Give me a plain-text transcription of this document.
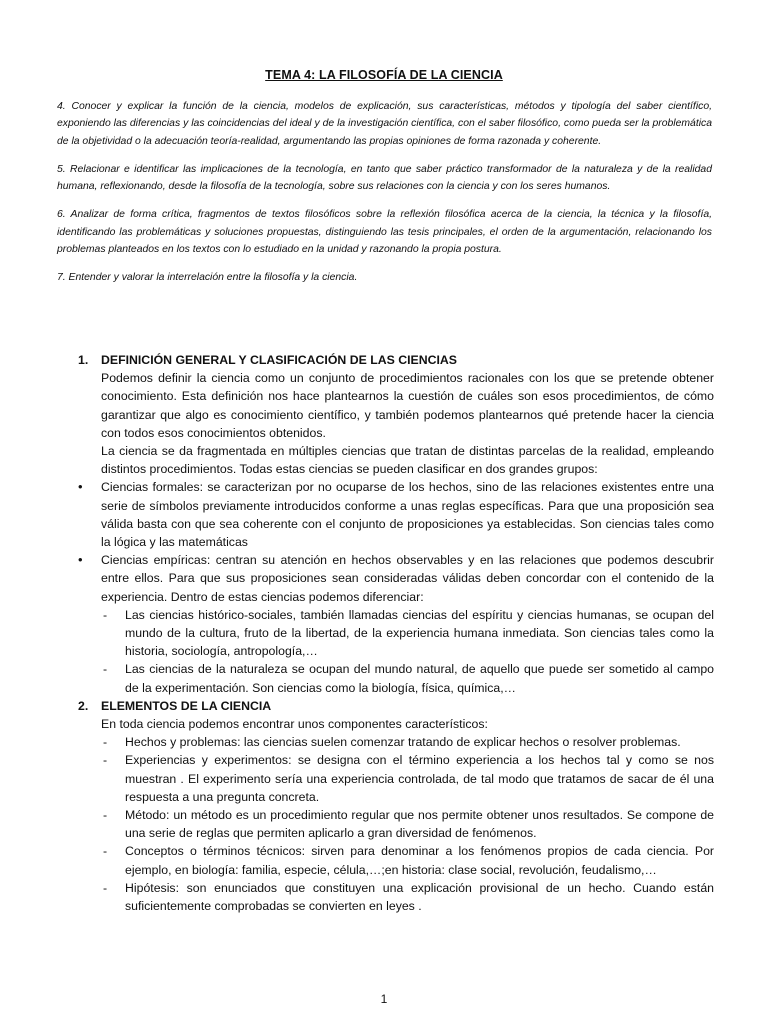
TEMA 4: LA FILOSOFÍA DE LA CIENCIA

4. Conocer y explicar la función de la ciencia, modelos de explicación, sus características, métodos y tipología del saber científico, exponiendo las diferencias y las coincidencias del ideal y de la investigación científica, con el saber filosófico, como pueda ser la problemática de la objetividad o la adecuación teoría-realidad, argumentando las propias opiniones de forma razonada y coherente.

5. Relacionar e identificar las implicaciones de la tecnología, en tanto que saber práctico transformador de la naturaleza y de la realidad humana, reflexionando, desde la filosofía de la tecnología, sobre sus relaciones con la ciencia y con los seres humanos.

6. Analizar de forma crítica, fragmentos de textos filosóficos sobre la reflexión filosófica acerca de la ciencia, la técnica y la filosofía, identificando las problemáticas y soluciones propuestas, distinguiendo las tesis principales, el orden de la argumentación, relacionando los problemas planteados en los textos con lo estudiado en la unidad y razonando la propia postura.

7. Entender y valorar la interrelación entre la filosofía y la ciencia.

1. DEFINICIÓN GENERAL Y CLASIFICACIÓN DE LAS CIENCIAS
Podemos definir la ciencia como un conjunto de procedimientos racionales con los que se pretende obtener conocimiento. Esta definición nos hace plantearnos la cuestión de cuáles son esos procedimientos, de cómo garantizar que algo es conocimiento científico, y también podemos plantearnos qué pretende hacer la ciencia con todos esos conocimientos obtenidos.
La ciencia se da fragmentada en múltiples ciencias que tratan de distintas parcelas de la realidad, empleando distintos procedimientos. Todas estas ciencias se pueden clasificar en dos grandes grupos:
• Ciencias formales: se caracterizan por no ocuparse de los hechos, sino de las relaciones existentes entre una serie de símbolos previamente introducidos conforme a unas reglas específicas. Para que una proposición sea válida basta con que sea coherente con el conjunto de proposiciones ya establecidas. Son ciencias tales como la lógica y las matemáticas
• Ciencias empíricas: centran su atención en hechos observables y en las relaciones que podemos descubrir entre ellos. Para que sus proposiciones sean consideradas válidas deben concordar con el contenido de la experiencia. Dentro de estas ciencias podemos diferenciar:
- Las ciencias histórico-sociales, también llamadas ciencias del espíritu y ciencias humanas, se ocupan del mundo de la cultura, fruto de la libertad, de la experiencia humana inmediata. Son ciencias tales como la historia, sociología, antropología,…
- Las ciencias de la naturaleza se ocupan del mundo natural, de aquello que puede ser sometido al campo de la experimentación. Son ciencias como la biología, física, química,…
2. ELEMENTOS DE LA CIENCIA
En toda ciencia podemos encontrar unos componentes característicos:
- Hechos y problemas: las ciencias suelen comenzar tratando de explicar hechos o resolver problemas.
- Experiencias y experimentos: se designa con el término experiencia a los hechos tal y como se nos muestran . El experimento sería una experiencia controlada, de tal modo que tratamos de sacar de él una respuesta a una pregunta concreta.
- Método: un método es un procedimiento regular que nos permite obtener unos resultados. Se compone de una serie de reglas que permiten aplicarlo a gran diversidad de fenómenos.
- Conceptos o términos técnicos: sirven para denominar a los fenómenos propios de cada ciencia. Por ejemplo, en biología: familia, especie, célula,…;en historia: clase social, revolución, feudalismo,…
- Hipótesis: son enunciados que constituyen una explicación provisional de un hecho. Cuando están suficientemente comprobadas se convierten en leyes .
1
